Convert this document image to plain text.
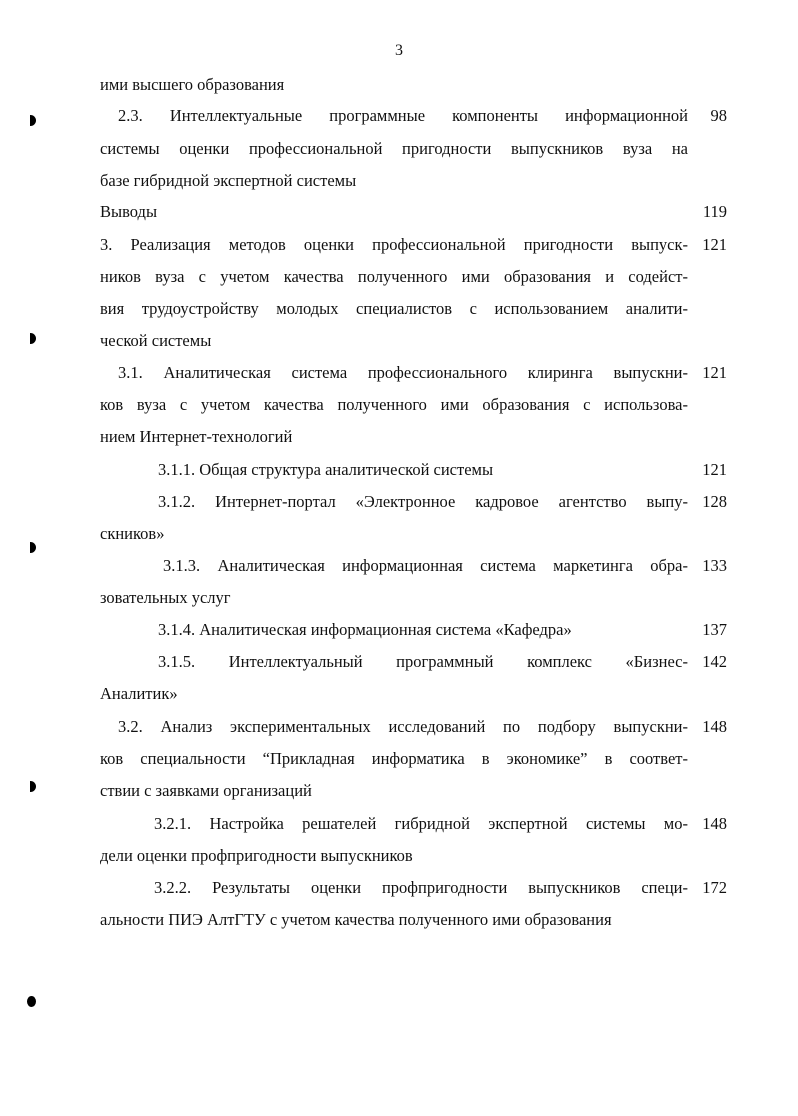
3
ими высшего образования
2.3. Интеллектуальные программные компоненты информационной	98
системы оценки профессиональной пригодности выпускников вуза на
базе гибридной экспертной системы
Выводы	119
3. Реализация методов оценки профессиональной пригодности выпуск- 121
ников вуза с учетом качества полученного ими образования и содейст-
вия трудоустройству молодых специалистов с использованием аналити-
ческой системы
3.1. Аналитическая система профессионального клиринга выпускни- 121
ков вуза с учетом качества полученного ими образования с использова-
нием Интернет-технологий
3.1.1. Общая структура аналитической системы	121
3.1.2. Интернет-портал «Электронное кадровое агентство выпу- 128
скников»
3.1.3. Аналитическая информационная система маркетинга обра- 133
зовательных услуг
3.1.4. Аналитическая информационная система «Кафедра»	137
3.1.5. Интеллектуальный программный комплекс «Бизнес- 142
Аналитик»
3.2. Анализ экспериментальных исследований по подбору выпускни- 148
ков специальности “Прикладная информатика в экономике” в соответ-
ствии с заявками организаций
3.2.1. Настройка решателей гибридной экспертной системы мо- 148
дели оценки профпригодности выпускников
3.2.2. Результаты оценки профпригодности выпускников специ- 172
альности ПИЭ АлтГТУ с учетом качества полученного ими образования
